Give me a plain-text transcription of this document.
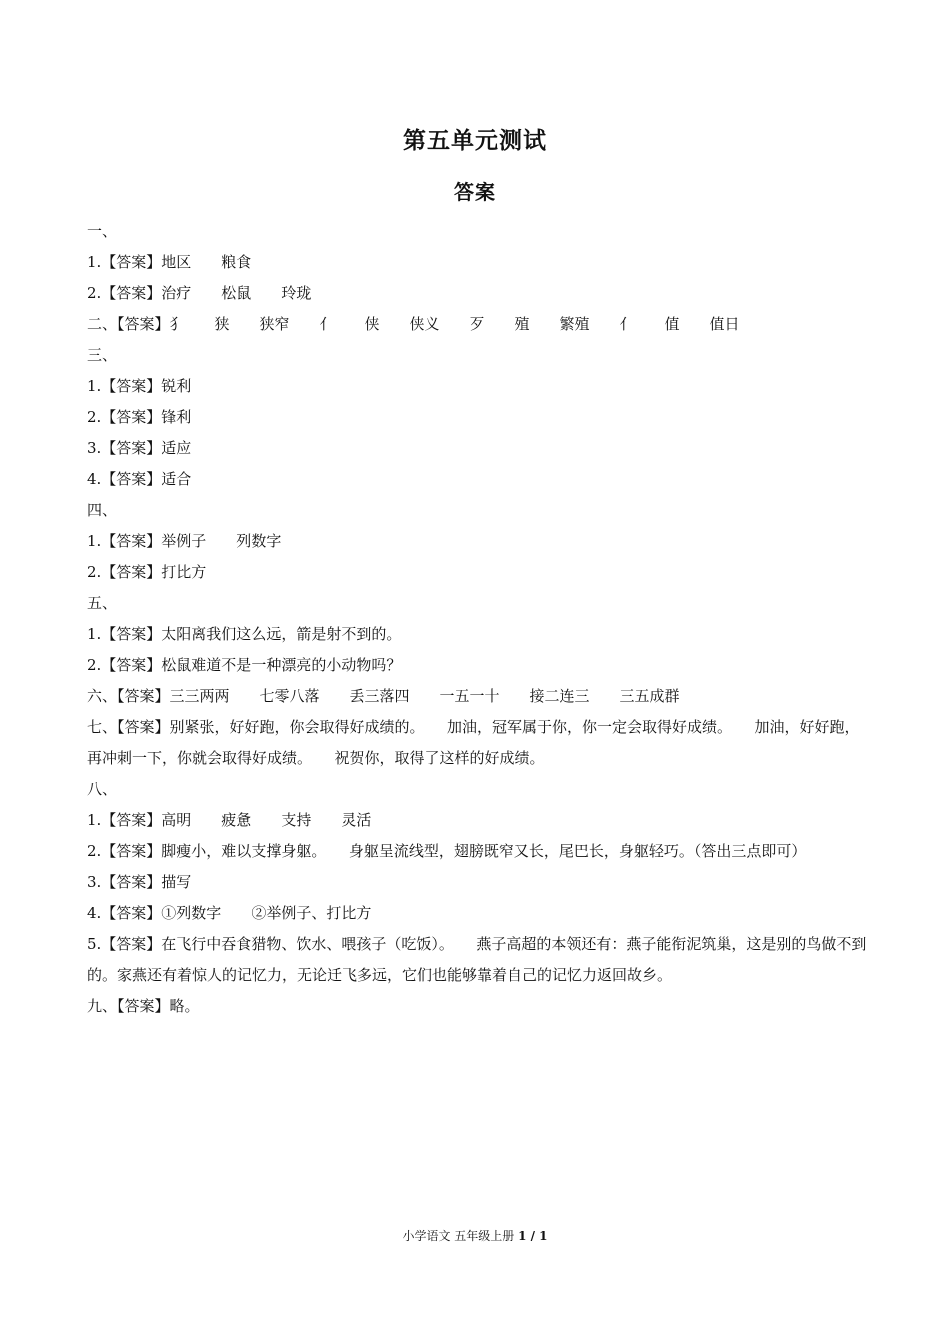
第五单元测试
答案
一、
1.【答案】地区　　粮食
2.【答案】治疗　　松鼠　　玲珑
二、【答案】犭　　狭　　狭窄　　亻　　侠　　侠义　　歹　　殖　　繁殖　　亻　　值　　值日
三、
1.【答案】锐利
2.【答案】锋利
3.【答案】适应
4.【答案】适合
四、
1.【答案】举例子　　列数字
2.【答案】打比方
五、
1.【答案】太阳离我们这么远，箭是射不到的。
2.【答案】松鼠难道不是一种漂亮的小动物吗？
六、【答案】三三两两　　七零八落　　丢三落四　　一五一十　　接二连三　　三五成群
七、【答案】别紧张，好好跑，你会取得好成绩的。　　加油，冠军属于你，你一定会取得好成绩。　　加油，好好跑，再冲刺一下，你就会取得好成绩。　　祝贺你，取得了这样的好成绩。
八、
1.【答案】高明　　疲惫　　支持　　灵活
2.【答案】脚瘦小，难以支撑身躯。　　身躯呈流线型，翅膀既窄又长，尾巴长，身躯轻巧。（答出三点即可）
3.【答案】描写
4.【答案】①列数字　　②举例子、打比方
5.【答案】在飞行中吞食猎物、饮水、喂孩子（吃饭）。　　燕子高超的本领还有：燕子能衔泥筑巢，这是别的鸟做不到的。家燕还有着惊人的记忆力，无论迁飞多远，它们也能够靠着自己的记忆力返回故乡。
九、【答案】略。
小学语文 五年级上册 1 / 1
